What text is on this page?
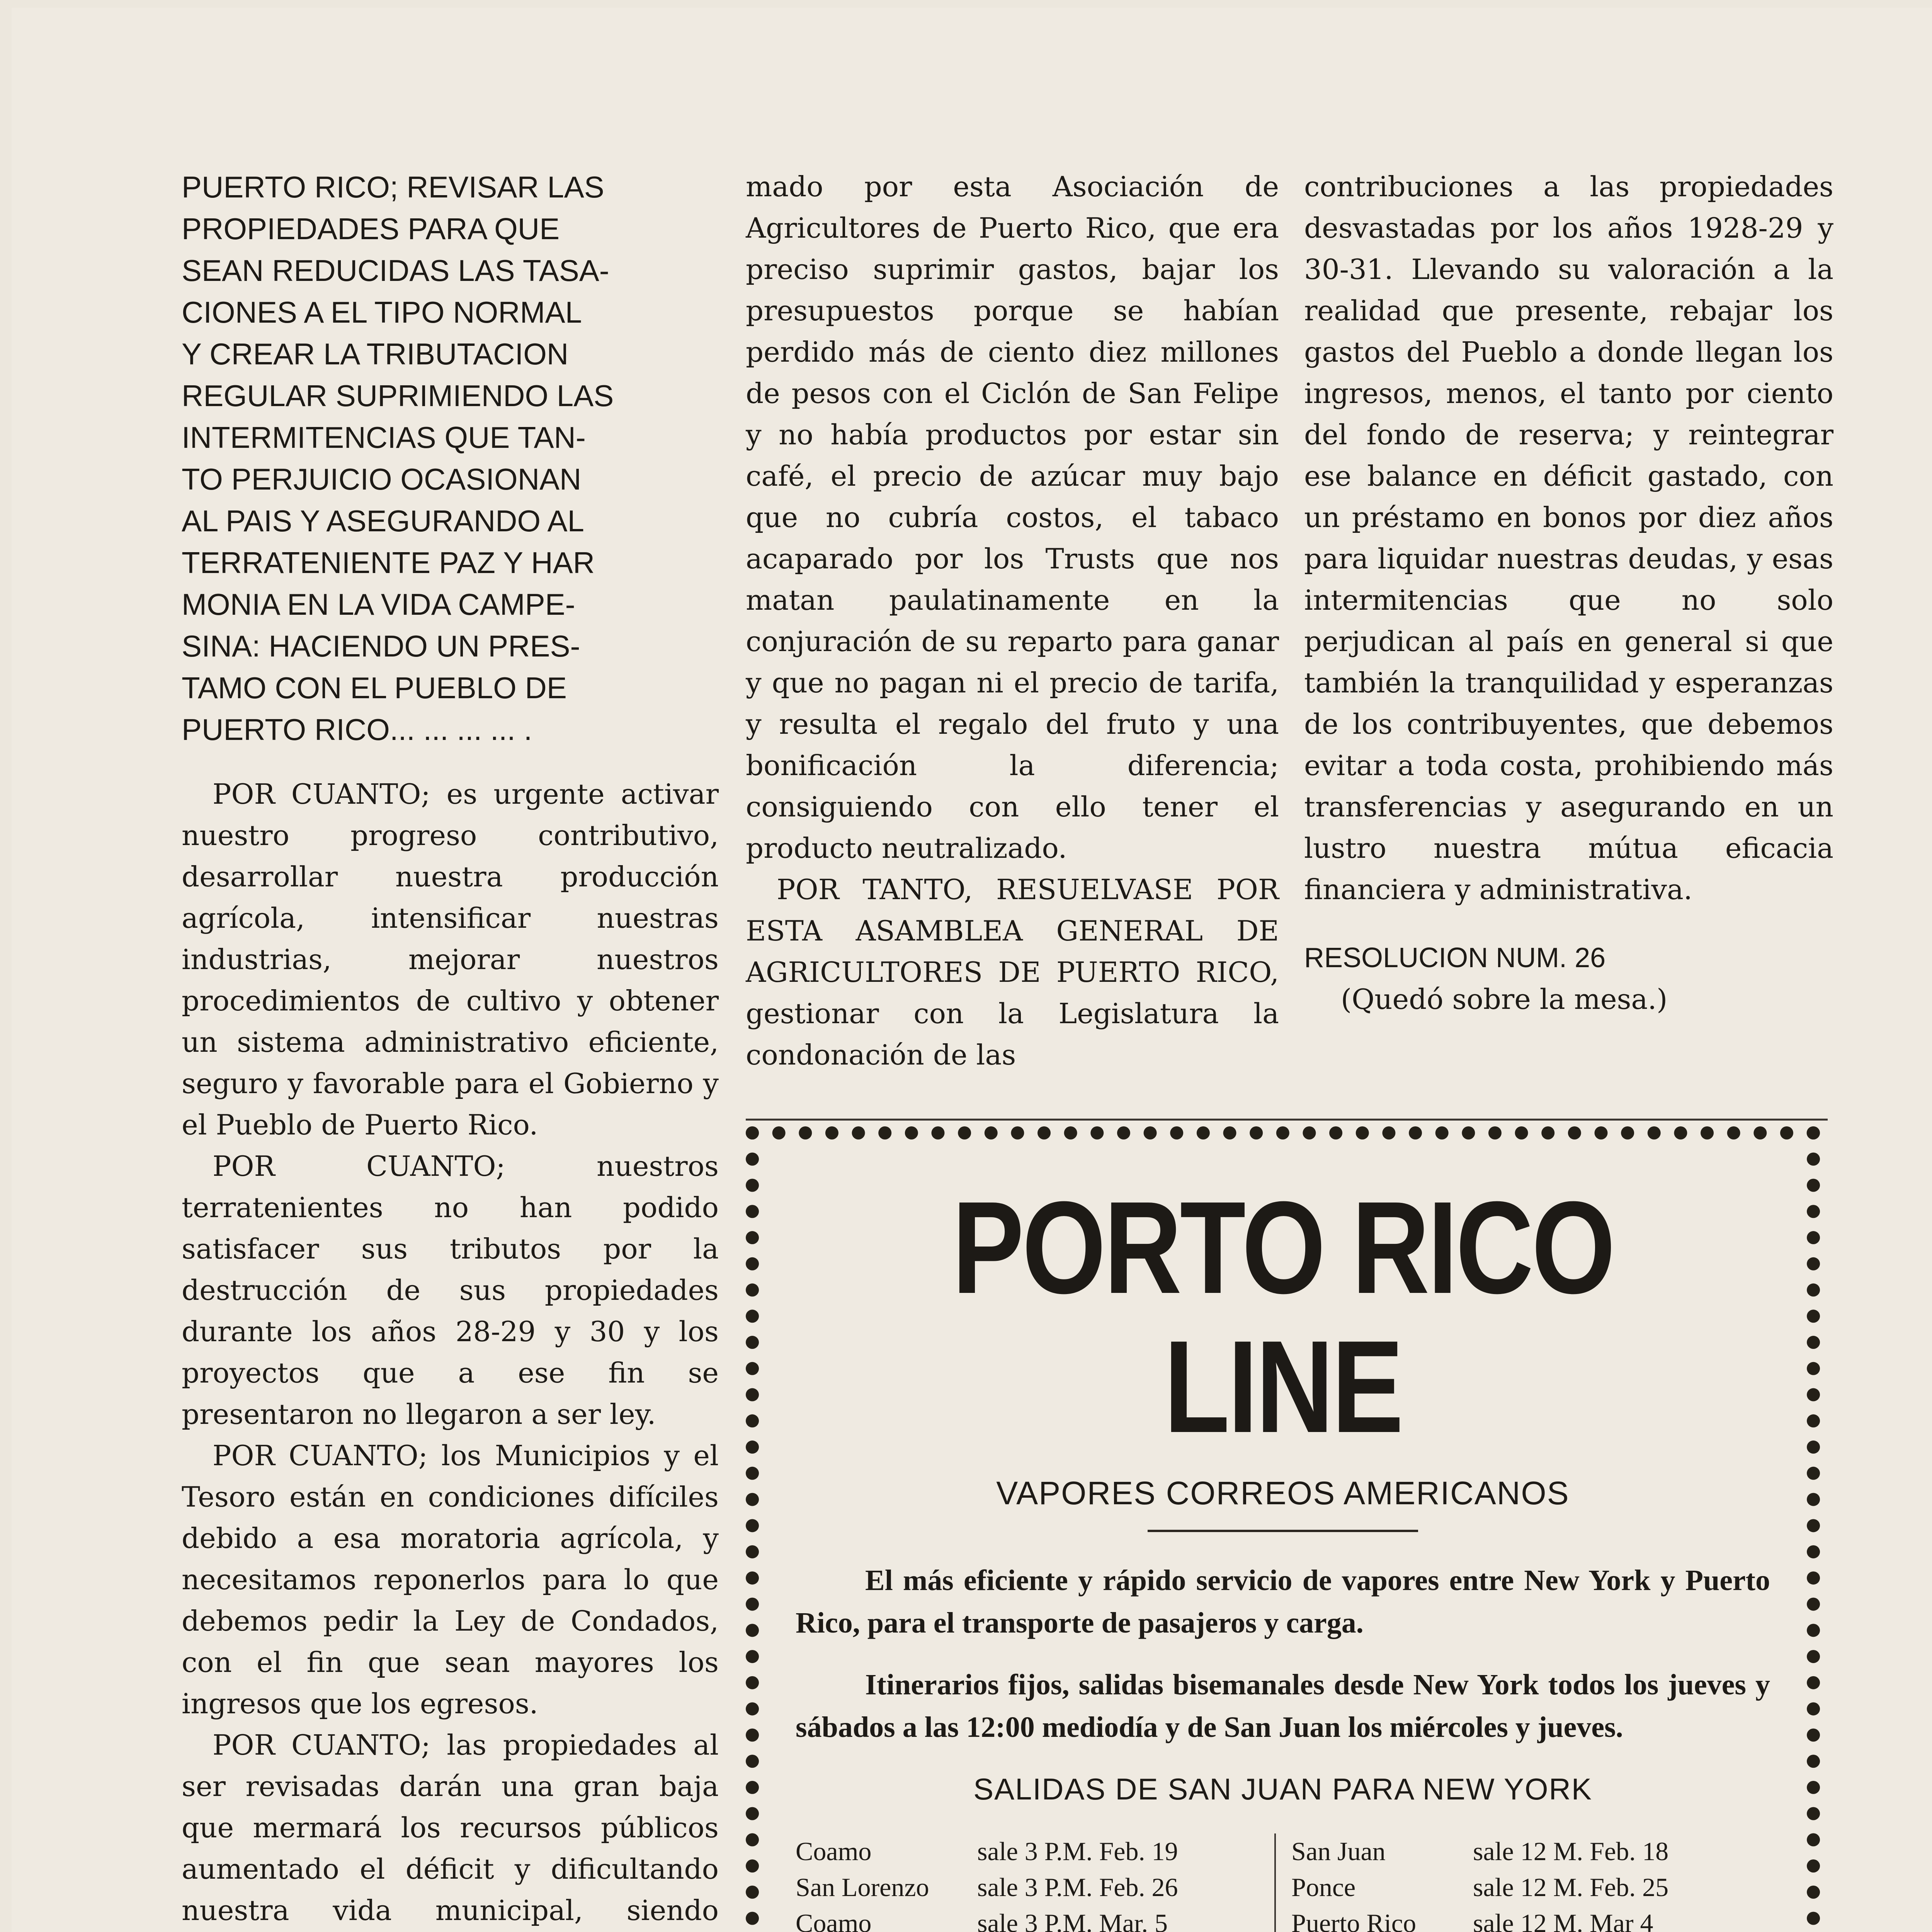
PUERTO RICO; REVISAR LAS

PROPIEDADES PARA QUE

SEAN REDUCIDAS LAS TASA-

CIONES A EL TIPO NORMAL

Y CREAR LA TRIBUTACION

REGULAR SUPRIMIENDO LAS

INTERMITENCIAS QUE TAN-

TO PERJUICIO OCASIONAN

AL PAIS Y ASEGURANDO AL

TERRATENIENTE PAZ Y HAR

MONIA EN LA VIDA CAMPE-

SINA: HACIENDO UN PRES-

TAMO CON EL PUEBLO DE

PUERTO RICO... ... ... ... .

POR CUANTO; es urgente activar nuestro progreso contributivo, desarrollar nuestra producción agrícola, intensificar nuestras industrias, mejorar nuestros procedimientos de cultivo y obtener un sistema administrativo eficiente, seguro y favorable para el Gobierno y el Pueblo de Puerto Rico.

POR CUANTO; nuestros terratenientes no han podido satisfacer sus tributos por la destrucción de sus propiedades durante los años 28-29 y 30 y los proyectos que a ese fin se presentaron no llegaron a ser ley.

POR CUANTO; los Municipios y el Tesoro están en condiciones difíciles debido a esa moratoria agrícola, y necesitamos reponerlos para lo que debemos pedir la Ley de Condados, con el fin que sean mayores los ingresos que los egresos.

POR CUANTO; las propiedades al ser revisadas darán una gran baja que mermará los recursos públicos aumentado el déficit y dificultando nuestra vida municipal, siendo

mado por esta Asociación de Agricultores de Puerto Rico, que era preciso suprimir gastos, bajar los presupuestos porque se habían perdido más de ciento diez millones de pesos con el Ciclón de San Felipe y no había productos por estar sin café, el precio de azúcar muy bajo que no cubría costos, el tabaco acaparado por los Trusts que nos matan paulatinamente en la conjuración de su reparto para ganar y que no pagan ni el precio de tarifa, y resulta el regalo del fruto y una bonificación la diferencia; consiguiendo con ello tener el producto neutralizado.

POR TANTO, RESUELVASE POR ESTA ASAMBLEA GENERAL DE AGRICULTORES DE PUERTO RICO, gestionar con la Legislatura la condonación de las

contribuciones a las propiedades desvastadas por los años 1928-29 y 30-31. Llevando su valoración a la realidad que presente, rebajar los gastos del Pueblo a donde llegan los ingresos, menos, el tanto por ciento del fondo de reserva; y reintegrar ese balance en déficit gastado, con un préstamo en bonos por diez años para liquidar nuestras deudas, y esas intermitencias que no solo perjudican al país en general si que también la tranquilidad y esperanzas de los contribuyentes, que debemos evitar a toda costa, prohibiendo más transferencias y asegurando en un lustro nuestra mútua eficacia financiera y administrativa.

RESOLUCION NUM. 26

(Quedó sobre la mesa.)

PORTO RICO LINE
VAPORES CORREOS AMERICANOS

El más eficiente y rápido servicio de vapores entre New York y Puerto Rico, para el transporte de pasajeros y carga.

Itinerarios fijos, salidas bisemanales desde New York todos los jueves y sábados a las 12:00 mediodía y de San Juan los miércoles y jueves.

SALIDAS DE SAN JUAN PARA NEW YORK
Coamo	sale 3 P.M. Feb. 19
San Lorenzo	sale 3 P.M. Feb. 26
Coamo	sale 3 P.M. Mar. 5
San Juan	sale 12 M. Feb. 18
Ponce	sale 12 M. Feb. 25
Puerto Rico	sale 12 M. Mar 4
